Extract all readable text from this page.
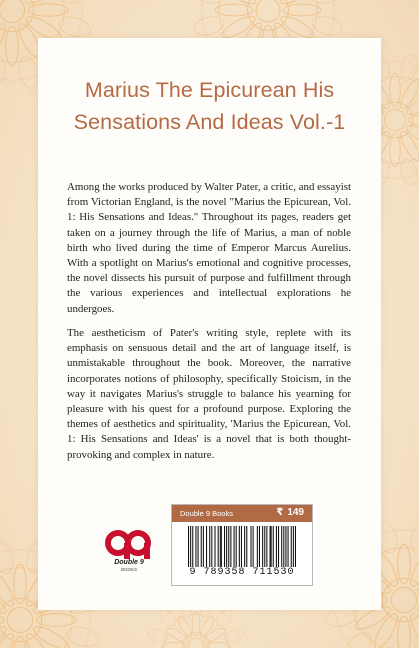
Marius The Epicurean His
Sensations And Ideas Vol.-1

Among the works produced by Walter Pater, a critic, and essayist from Victorian England, is the novel "Marius the Epicurean, Vol. 1: His Sensations and Ideas." Throughout its pages, readers get taken on a journey through the life of Marius, a man of noble birth who lived during the time of Emperor Marcus Aurelius. With a spotlight on Marius's emotional and cognitive processes, the novel dissects his pursuit of purpose and fulfillment through the various experiences and intellectual explorations he undergoes.

The aestheticism of Pater's writing style, replete with its emphasis on sensuous detail and the art of language itself, is unmistakable throughout the book. Moreover, the narrative incorporates notions of philosophy, specifically Stoicism, in the way it navigates Marius's struggle to balance his yearning for pleasure with his quest for a profound purpose. Exploring the themes of aesthetics and spirituality, 'Marius the Epicurean, Vol. 1: His Sensations and Ideas' is a novel that is both thought-provoking and complex in nature.

Double 9
BOOKS
Double 9 Books	₹ 149
9 789358 711530
